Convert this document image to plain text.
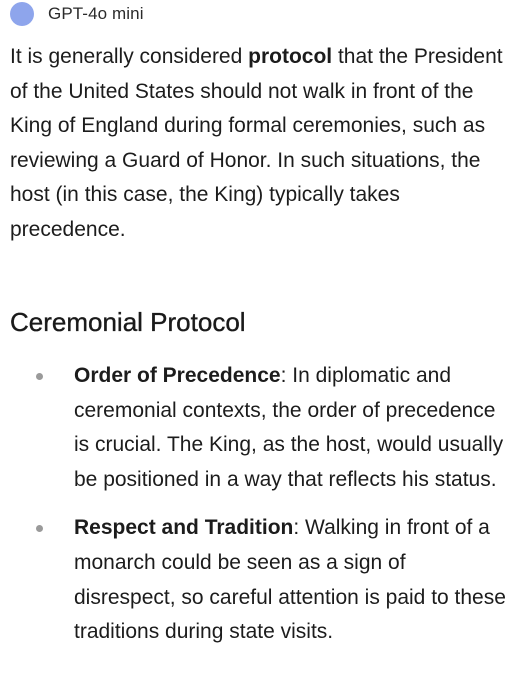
GPT-4o mini

It is generally considered protocol that the President of the United States should not walk in front of the King of England during formal ceremonies, such as reviewing a Guard of Honor. In such situations, the host (in this case, the King) typically takes precedence.

Ceremonial Protocol
Order of Precedence: In diplomatic and ceremonial contexts, the order of precedence is crucial. The King, as the host, would usually be positioned in a way that reflects his status.
Respect and Tradition: Walking in front of a monarch could be seen as a sign of disrespect, so careful attention is paid to these traditions during state visits.
